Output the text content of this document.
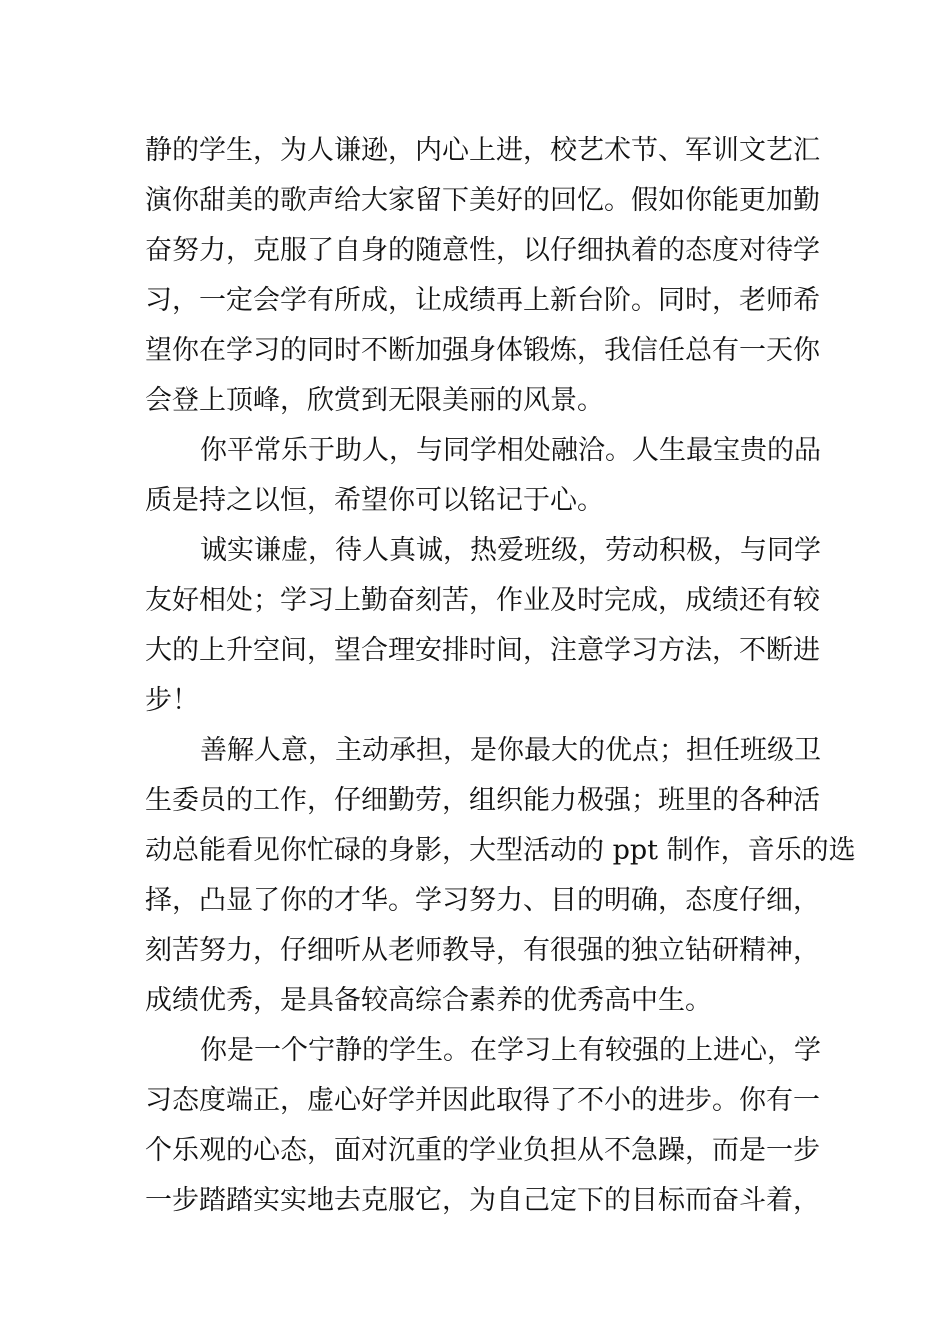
静的学生，为人谦逊，内心上进，校艺术节、军训文艺汇
演你甜美的歌声给大家留下美好的回忆。假如你能更加勤
奋努力，克服了自身的随意性，以仔细执着的态度对待学
习，一定会学有所成，让成绩再上新台阶。同时，老师希
望你在学习的同时不断加强身体锻炼，我信任总有一天你
会登上顶峰，欣赏到无限美丽的风景。
你平常乐于助人，与同学相处融洽。人生最宝贵的品
质是持之以恒，希望你可以铭记于心。
诚实谦虚，待人真诚，热爱班级，劳动积极，与同学
友好相处；学习上勤奋刻苦，作业及时完成，成绩还有较
大的上升空间，望合理安排时间，注意学习方法，不断进
步！
善解人意，主动承担，是你最大的优点；担任班级卫
生委员的工作，仔细勤劳，组织能力极强；班里的各种活
动总能看见你忙碌的身影，大型活动的 ppt 制作，音乐的选
择，凸显了你的才华。学习努力、目的明确，态度仔细，
刻苦努力，仔细听从老师教导，有很强的独立钻研精神，
成绩优秀，是具备较高综合素养的优秀高中生。
你是一个宁静的学生。在学习上有较强的上进心，学
习态度端正，虚心好学并因此取得了不小的进步。你有一
个乐观的心态，面对沉重的学业负担从不急躁，而是一步
一步踏踏实实地去克服它，为自己定下的目标而奋斗着，
